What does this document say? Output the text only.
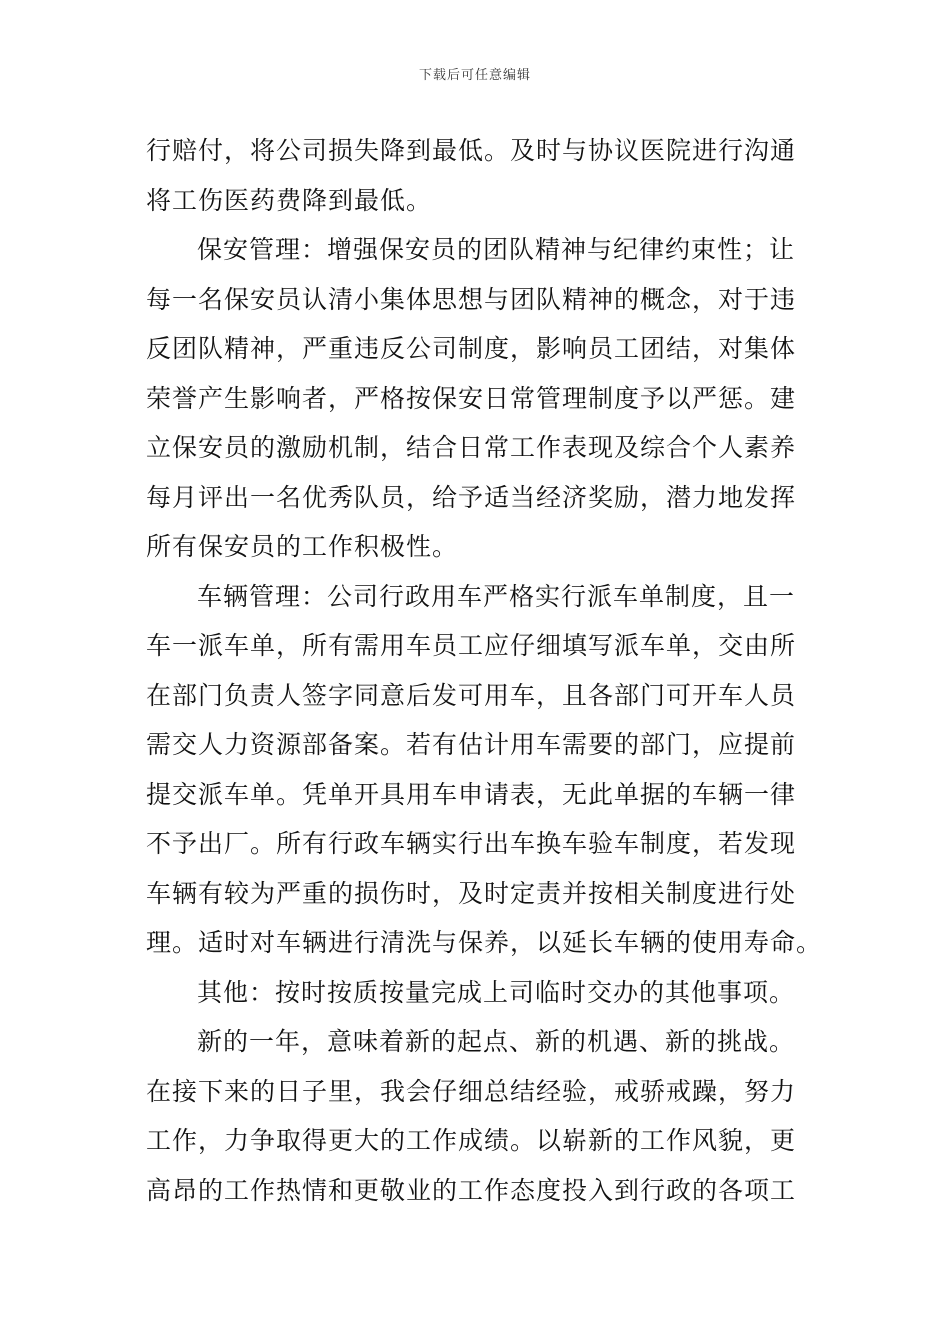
下载后可任意编辑
行赔付，将公司损失降到最低。及时与协议医院进行沟通
将工伤医药费降到最低。
保安管理：增强保安员的团队精神与纪律约束性；让
每一名保安员认清小集体思想与团队精神的概念，对于违
反团队精神，严重违反公司制度，影响员工团结，对集体
荣誉产生影响者，严格按保安日常管理制度予以严惩。建
立保安员的激励机制，结合日常工作表现及综合个人素养
每月评出一名优秀队员，给予适当经济奖励，潜力地发挥
所有保安员的工作积极性。
车辆管理：公司行政用车严格实行派车单制度，且一
车一派车单，所有需用车员工应仔细填写派车单，交由所
在部门负责人签字同意后发可用车，且各部门可开车人员
需交人力资源部备案。若有估计用车需要的部门，应提前
提交派车单。凭单开具用车申请表，无此单据的车辆一律
不予出厂。所有行政车辆实行出车换车验车制度，若发现
车辆有较为严重的损伤时，及时定责并按相关制度进行处
理。适时对车辆进行清洗与保养，以延长车辆的使用寿命。
其他：按时按质按量完成上司临时交办的其他事项。
新的一年，意味着新的起点、新的机遇、新的挑战。
在接下来的日子里，我会仔细总结经验，戒骄戒躁，努力
工作，力争取得更大的工作成绩。以崭新的工作风貌，更
高昂的工作热情和更敬业的工作态度投入到行政的各项工
